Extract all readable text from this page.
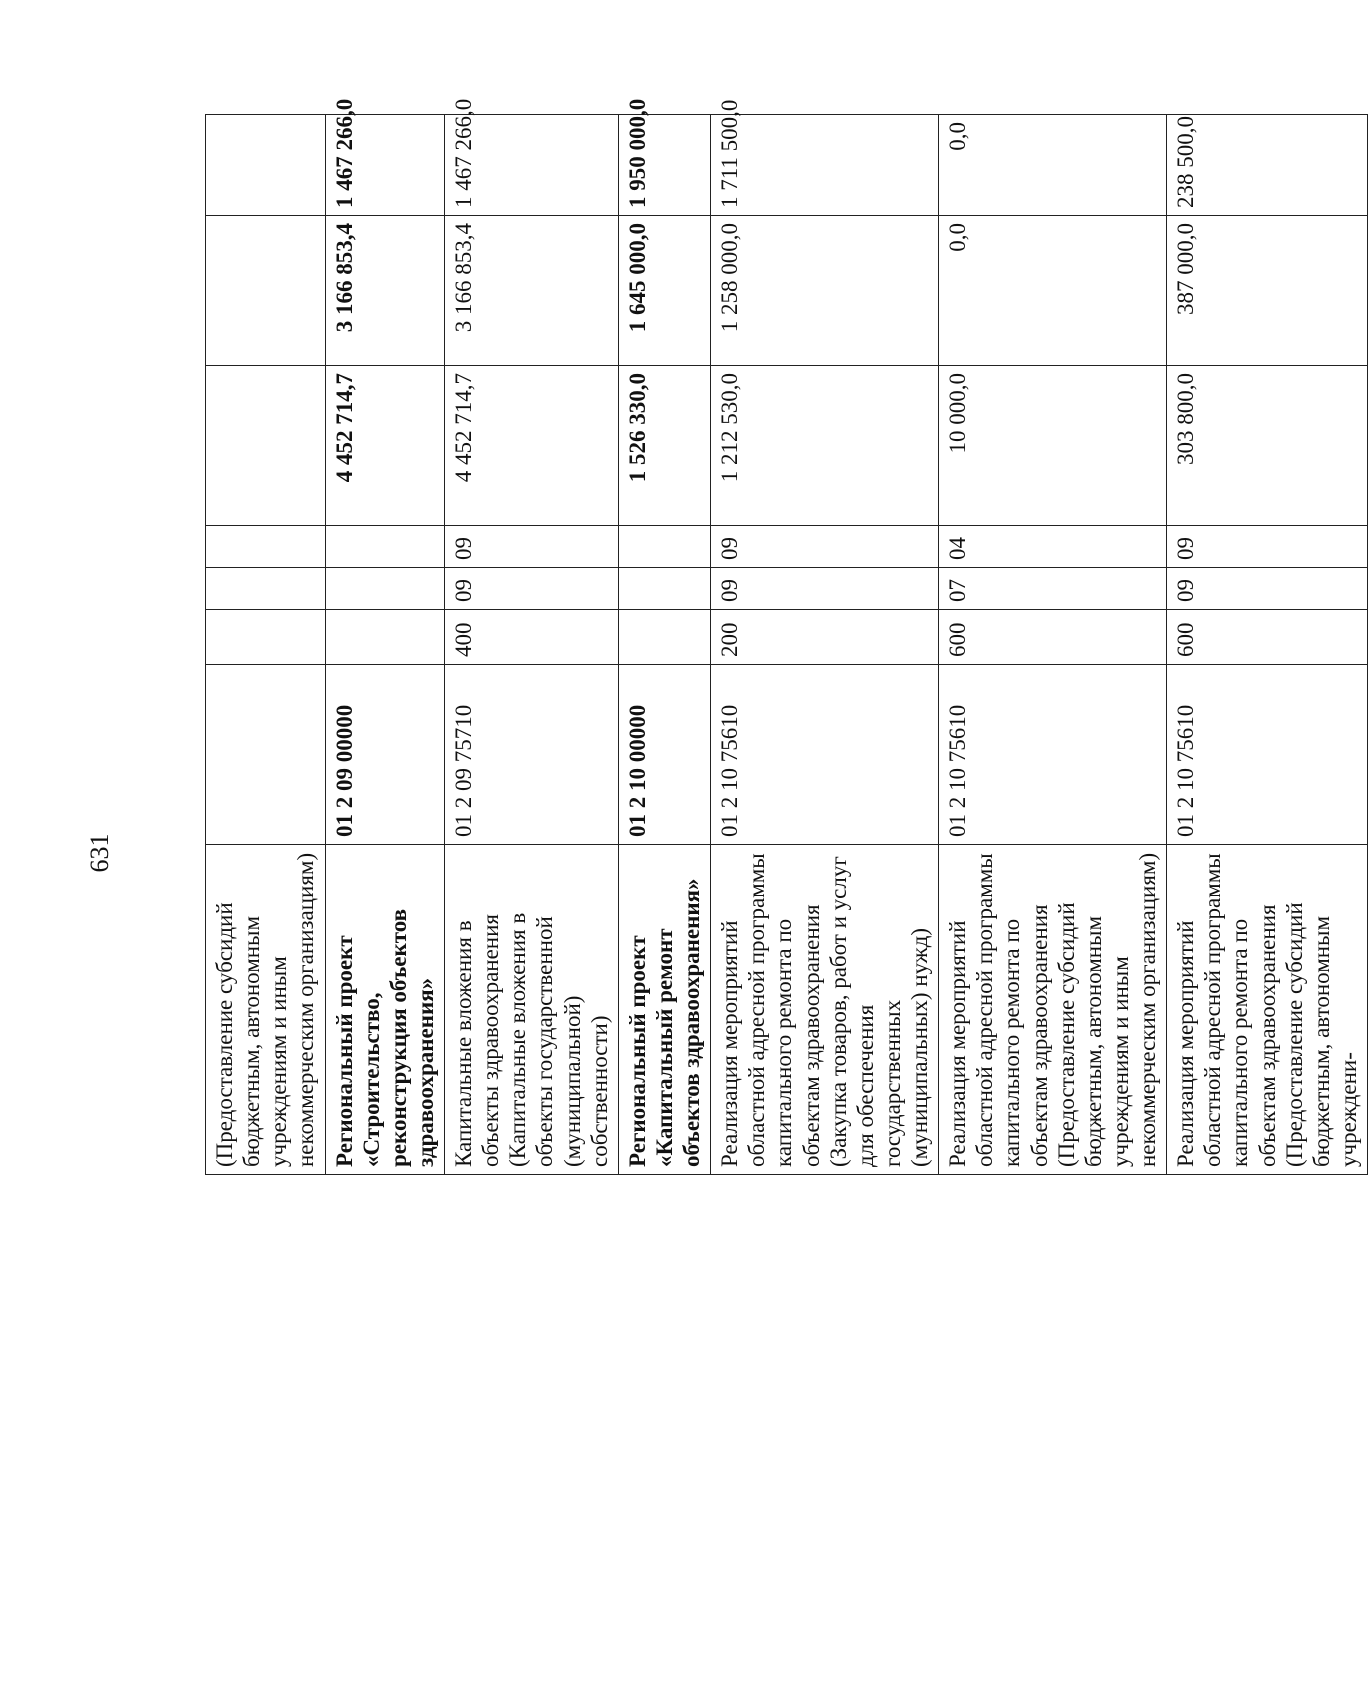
631
(Предоставление субсидий бюджетным, автономным учреждениям и иным некоммерческим организациям)							
Региональный проект «Строительство, реконструкция объектов здравоохранения»	01 2 09 00000				4 452 714,7	3 166 853,4	1 467 266,0
Капитальные вложения в объекты здравоохранения (Капитальные вложения в объекты государственной (муниципальной) собственности)	01 2 09 75710	400	09	09	4 452 714,7	3 166 853,4	1 467 266,0
Региональный проект «Капитальный ремонт объектов здравоохранения»	01 2 10 00000				1 526 330,0	1 645 000,0	1 950 000,0
Реализация мероприятий областной адресной программы капитального ремонта по объектам здравоохранения (Закупка товаров, работ и услуг для обеспечения государственных (муниципальных) нужд)	01 2 10 75610	200	09	09	1 212 530,0	1 258 000,0	1 711 500,0
Реализация мероприятий областной адресной программы капитального ремонта по объектам здравоохранения (Предоставление субсидий бюджетным, автономным учреждениям и иным некоммерческим организациям)	01 2 10 75610	600	07	04	10 000,0	0,0	0,0
Реализация мероприятий областной адресной программы капитального ремонта по объектам здравоохранения (Предоставление субсидий бюджетным, автономным учреждени-	01 2 10 75610	600	09	09	303 800,0	387 000,0	238 500,0
